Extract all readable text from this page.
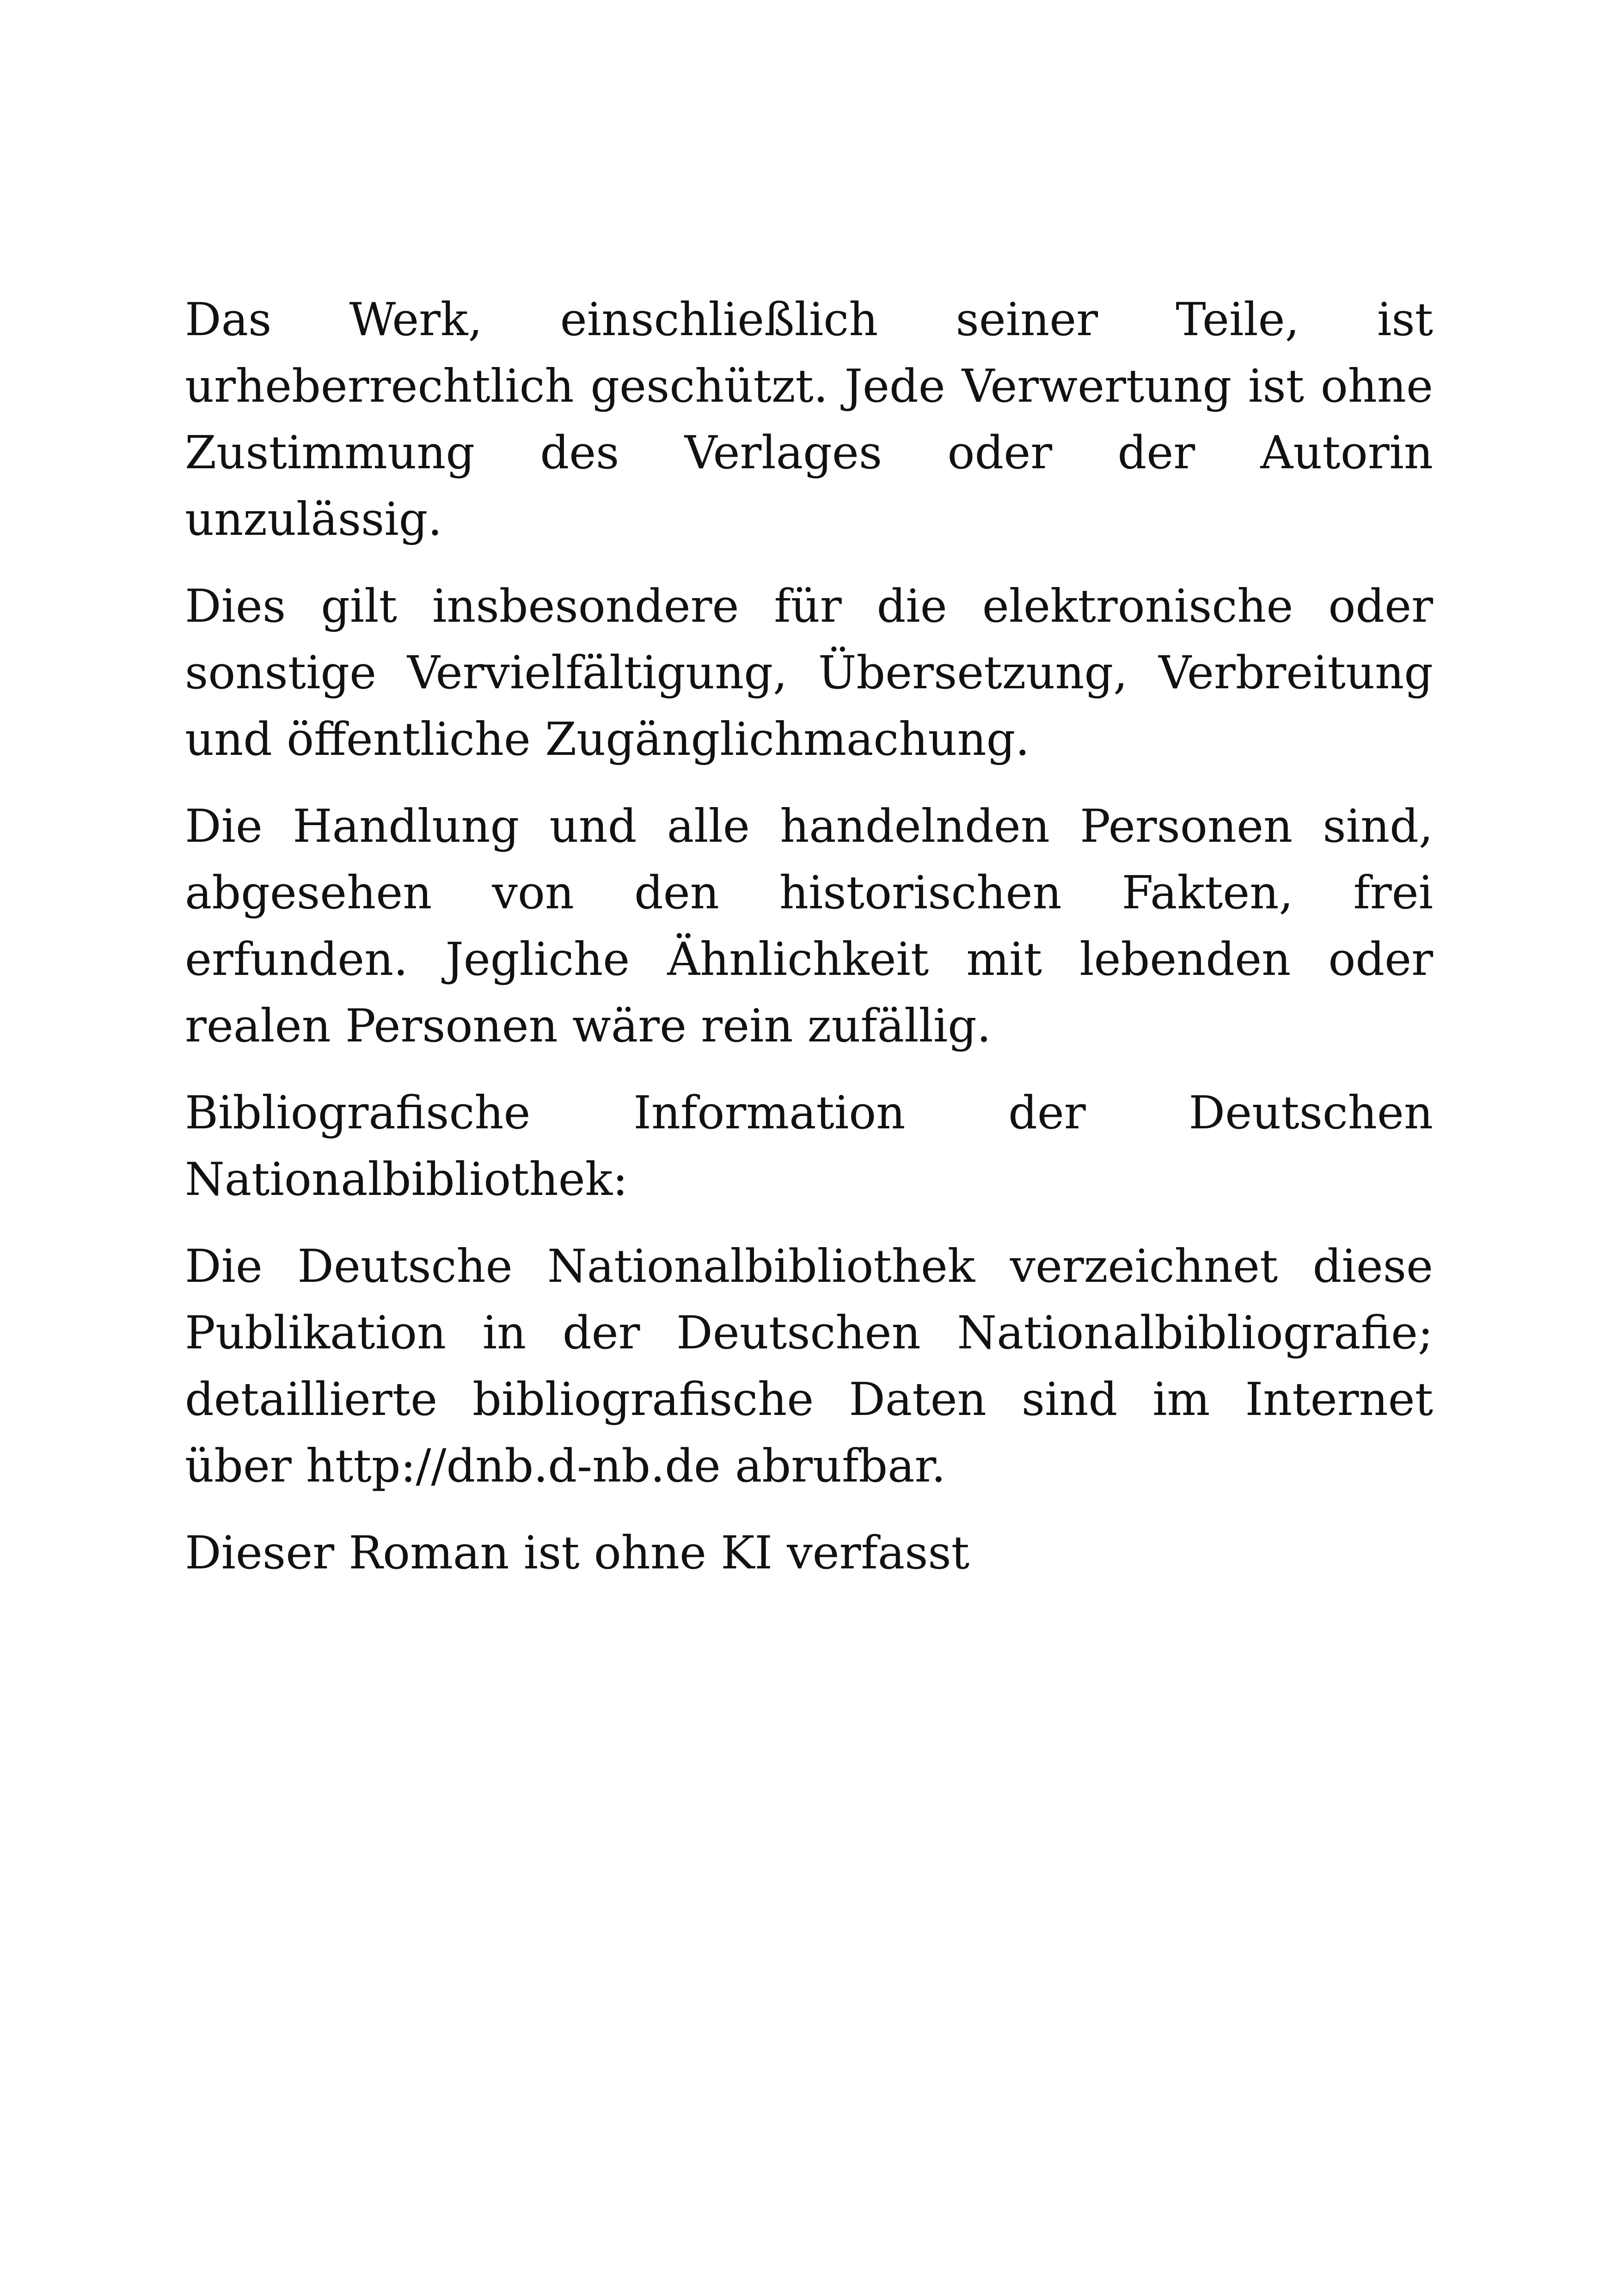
Das Werk, einschließlich seiner Teile, ist urheberrechtlich geschützt. Jede Verwertung ist ohne Zustimmung des Verlages oder der Autorin unzulässig.

Dies gilt insbesondere für die elektronische oder sonstige Vervielfältigung, Übersetzung, Verbreitung und öffentliche Zugänglichmachung.

Die Handlung und alle handelnden Personen sind, abgesehen von den historischen Fakten, frei erfunden. Jegliche Ähnlichkeit mit lebenden oder realen Personen wäre rein zufällig.

Bibliografische Information der Deutschen Nationalbibliothek:

Die Deutsche Nationalbibliothek verzeichnet diese Publikation in der Deutschen Nationalbibliografie; detaillierte bibliografische Daten sind im Internet über http://dnb.d-nb.de abrufbar.

Dieser Roman ist ohne KI verfasst
